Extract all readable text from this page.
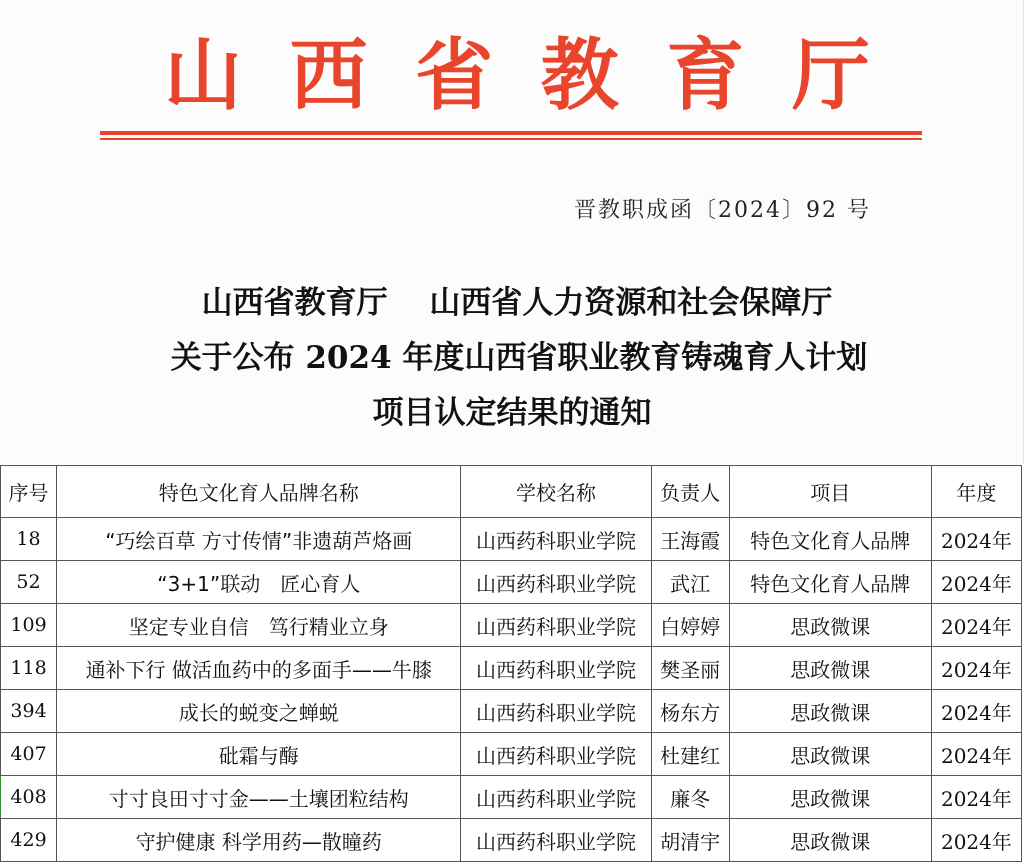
山 西 省 教 育 厅
晋教职成函〔2024〕92 号
山西省教育厅　 山西省人力资源和社会保障厅
关于公布 2024 年度山西省职业教育铸魂育人计划
项目认定结果的通知
序号	特色文化育人品牌名称	学校名称	负责人	项目	年度
18	“巧绘百草 方寸传情”非遗葫芦烙画	山西药科职业学院	王海霞	特色文化育人品牌	2024年
52	“3+1”联动　匠心育人	山西药科职业学院	武江	特色文化育人品牌	2024年
109	坚定专业自信　笃行精业立身	山西药科职业学院	白婷婷	思政微课	2024年
118	通补下行 做活血药中的多面手——牛膝	山西药科职业学院	樊圣丽	思政微课	2024年
394	成长的蜕变之蝉蜕	山西药科职业学院	杨东方	思政微课	2024年
407	砒霜与酶	山西药科职业学院	杜建红	思政微课	2024年
408	寸寸良田寸寸金——土壤团粒结构	山西药科职业学院	廉冬	思政微课	2024年
429	守护健康 科学用药—散瞳药	山西药科职业学院	胡清宇	思政微课	2024年
